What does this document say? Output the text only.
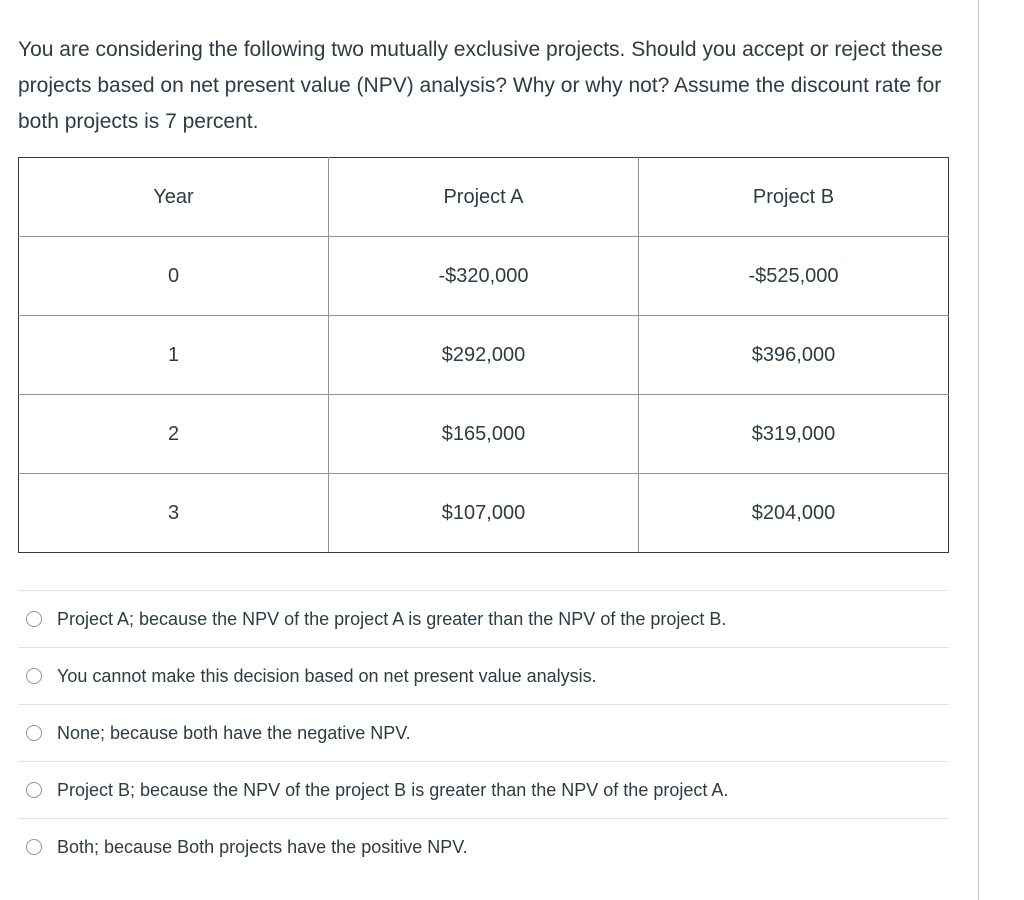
You are considering the following two mutually exclusive projects. Should you accept or reject these projects based on net present value (NPV) analysis? Why or why not? Assume the discount rate for both projects is 7 percent.
Year	Project A	Project B
0	-$320,000	-$525,000
1	$292,000	$396,000
2	$165,000	$319,000
3	$107,000	$204,000
Project A; because the NPV of the project A is greater than the NPV of the project B.
You cannot make this decision based on net present value analysis.
None; because both have the negative NPV.
Project B; because the NPV of the project B is greater than the NPV of the project A.
Both; because Both projects have the positive NPV.
